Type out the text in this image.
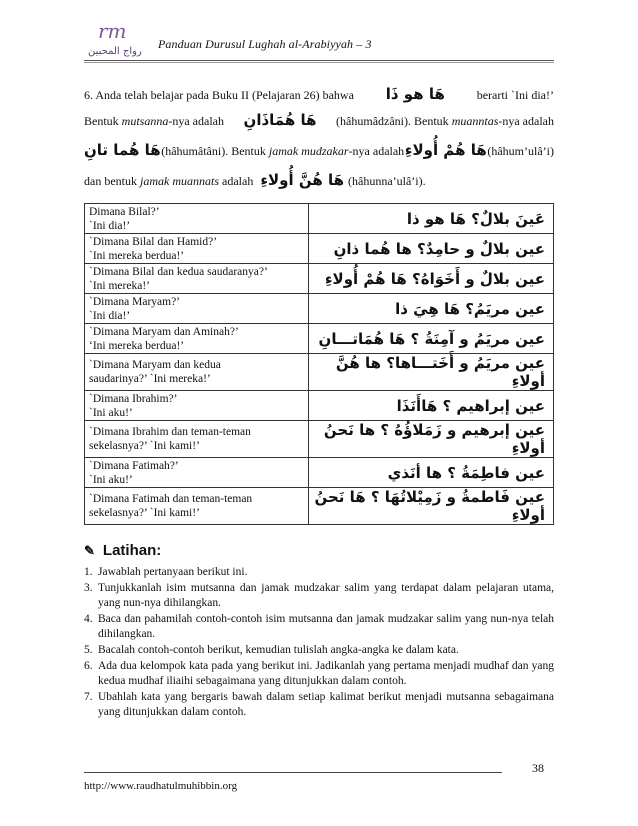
rm
رواج المحبين
Panduan Durusul Lughah al-Arabiyyah – 3
6. Anda telah belajar pada Buku II (Pelajaran 26) bahwa هَا هو ذَا	berarti `Ini dia!’
Bentuk mutsanna-nya adalah هَا هُمَاذَانِ (hâhumâdzâni). Bentuk muanntas-nya adalah
هَا هُما تانِ (hâhumâtâni). Bentuk jamak mudzakar-nya adalah هَا هُمْ أُولاءِ (hâhum’ulâ’i)
dan bentuk jamak muannats adalah هَا هُنَّ أُولاءِ (hâhunna’ulâ’i).
Dimana Bilal?’
`Ini dia!’	عَينَ بلالٌ؟ هَا هو ذا

`Dimana Bilal dan Hamid?’
`Ini mereka berdua!’	عين بلالٌ و حامِدٌ؟ ها هُما ذانِ

`Dimana Bilal dan kedua saudaranya?’
`Ini mereka!’	عين بلالٌ و أَخَوَاهُ؟ هَا هُمْ أُولاءِ

`Dimana Maryam?’
`Ini dia!’	عين مريَمُ؟ هَا هِيَ ذا

`Dimana Maryam dan Aminah?’
‘Ini mereka berdua!’	عين مريَمُ و آمِنَةُ ؟ هَا هُمَاتـــانِ

`Dimana Maryam dan kedua
saudarinya?’ `Ini mereka!’	عين مريَمُ و أَخَتـــاها؟ ها هُنَّ أولاءِ

`Dimana Ibrahim?’
`Ini aku!’	عين إبراهيم ؟ هَاأَنَذَا

`Dimana Ibrahim dan teman-teman
sekelasnya?’ `Ini kami!’	عين إبرهيم و زَمَلاؤُهُ ؟ ها نَحنُ أولاءِ

`Dimana Fatimah?’
`Ini aku!’	عين فاطِمَةُ ؟ ها أنَذي

`Dimana Fatimah dan teman-teman
sekelasnya?’ `Ini kami!’	عين فَاطمةُ و زَمِيْلاتُهَا ؟ هَا نَحنُ أولاءِ
✎ Latihan:
1. Jawablah pertanyaan berikut ini.
3. Tunjukkanlah isim mutsanna dan jamak mudzakar salim yang terdapat dalam pelajaran utama, yang nun-nya dihilangkan.
4. Baca dan pahamilah contoh-contoh isim mutsanna dan jamak mudzakar salim yang nun-nya telah dihilangkan.
5. Bacalah contoh-contoh berikut, kemudian tulislah angka-angka ke dalam kata.
6. Ada dua kelompok kata pada yang berikut ini. Jadikanlah yang pertama menjadi mudhaf dan yang kedua mudhaf iliaihi sebagaimana yang ditunjukkan dalam contoh.
7. Ubahlah kata yang bergaris bawah dalam setiap kalimat berikut menjadi mutsanna sebagaimana yang ditunjukkan dalam contoh.
38
http://www.raudhatulmuhibbin.org
